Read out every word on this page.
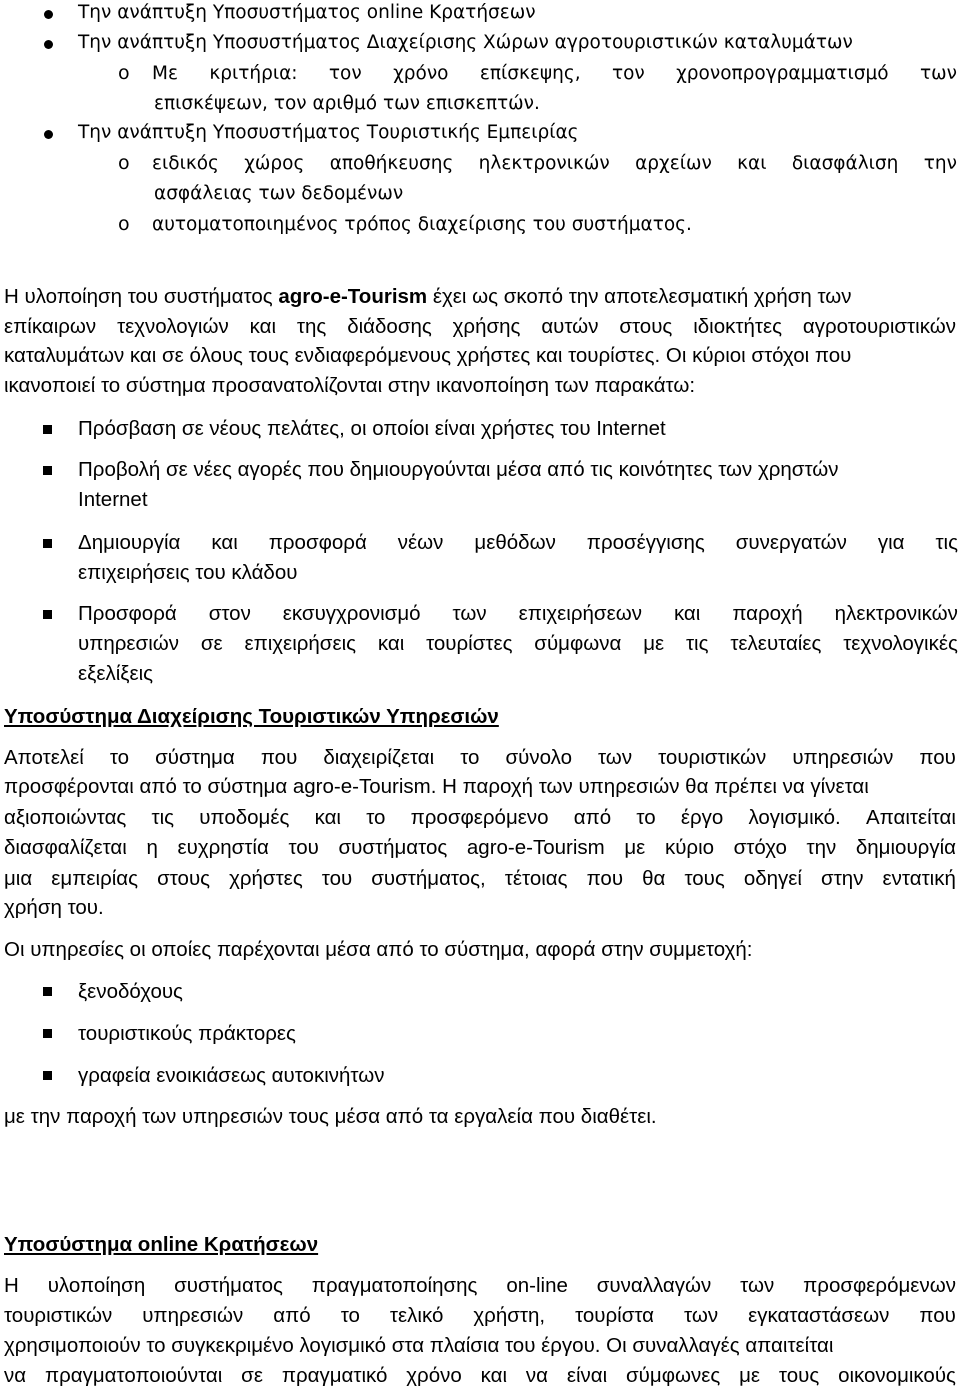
Την ανάπτυξη Υποσυστήματος online Κρατήσεων
Την ανάπτυξη Υποσυστήματος Διαχείρισης Χώρων αγροτουριστικών καταλυμάτων
o Με κριτήρια: τον χρόνο επίσκεψης, τον χρονοπρογραμματισμό των
επισκέψεων, τον αριθμό των επισκεπτών.
Την ανάπτυξη Υποσυστήματος Τουριστικής Εμπειρίας
o ειδικός χώρος αποθήκευσης ηλεκτρονικών αρχείων και διασφάλιση την
ασφάλειας των δεδομένων
o αυτοματοποιημένος τρόπος διαχείρισης του συστήματος.
Η υλοποίηση του συστήματος agro-e-Tourism έχει ως σκοπό την αποτελεσματική χρήση των
επίκαιρων τεχνολογιών και της διάδοσης χρήσης αυτών στους ιδιοκτήτες αγροτουριστικών
καταλυμάτων και σε όλους τους ενδιαφερόμενους χρήστες και τουρίστες. Οι κύριοι στόχοι που
ικανοποιεί το σύστημα προσανατολίζονται στην ικανοποίηση των παρακάτω:
Πρόσβαση σε νέους πελάτες, οι οποίοι είναι χρήστες του Internet
Προβολή σε νέες αγορές που δημιουργούνται μέσα από τις κοινότητες των χρηστών
Internet
Δημιουργία και προσφορά νέων μεθόδων προσέγγισης συνεργατών για τις
επιχειρήσεις του κλάδου
Προσφορά στον εκσυγχρονισμό των επιχειρήσεων και παροχή ηλεκτρονικών
υπηρεσιών σε επιχειρήσεις και τουρίστες σύμφωνα με τις τελευταίες τεχνολογικές
εξελίξεις
Υποσύστημα Διαχείρισης Τουριστικών Υπηρεσιών
Αποτελεί το σύστημα που διαχειρίζεται το σύνολο των τουριστικών υπηρεσιών που
προσφέρονται από το σύστημα agro-e-Tourism. Η παροχή των υπηρεσιών θα πρέπει να γίνεται
αξιοποιώντας τις υποδομές και το προσφερόμενο από το έργο λογισμικό. Απαιτείται
διασφαλίζεται η ευχρηστία του συστήματος agro-e-Tourism με κύριο στόχο την δημιουργία
μια εμπειρίας στους χρήστες του συστήματος, τέτοιας που θα τους οδηγεί στην εντατική
χρήση του.
Οι υπηρεσίες οι οποίες παρέχονται μέσα από το σύστημα, αφορά στην συμμετοχή:
ξενοδόχους
τουριστικούς πράκτορες
γραφεία ενοικιάσεως αυτοκινήτων
με την παροχή των υπηρεσιών τους μέσα από τα εργαλεία που διαθέτει.
Υποσύστημα online Κρατήσεων
Η υλοποίηση συστήματος πραγματοποίησης on-line συναλλαγών των προσφερόμενων
τουριστικών υπηρεσιών από το τελικό χρήστη, τουρίστα των εγκαταστάσεων που
χρησιμοποιούν το συγκεκριμένο λογισμικό στα πλαίσια του έργου. Οι συναλλαγές απαιτείται
να πραγματοποιούνται σε πραγματικό χρόνο και να είναι σύμφωνες με τους οικονομικούς
